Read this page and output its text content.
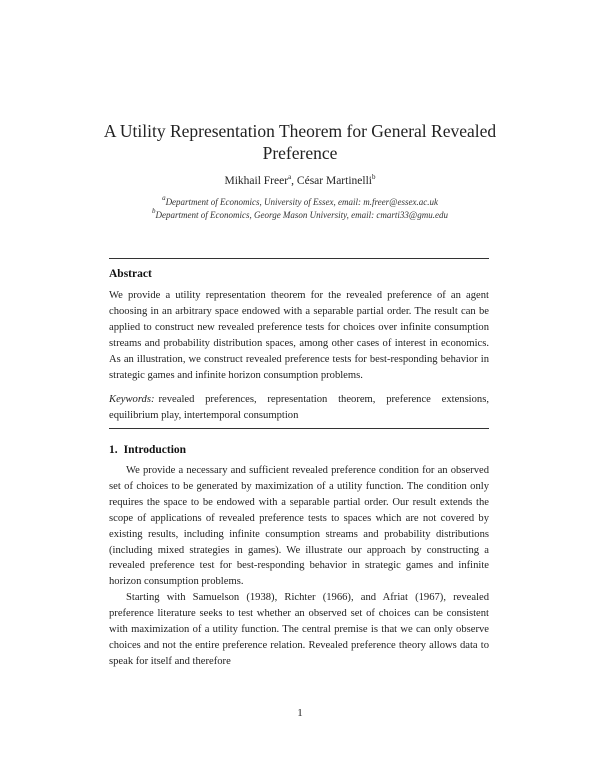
A Utility Representation Theorem for General Revealed Preference
Mikhail Freer$^a$, César Martinelli$^b$
$^a$Department of Economics, University of Essex, email: m.freer@essex.ac.uk
$^b$Department of Economics, George Mason University, email: cmarti33@gmu.edu
Abstract
We provide a utility representation theorem for the revealed preference of an agent choosing in an arbitrary space endowed with a separable partial order. The result can be applied to construct new revealed preference tests for choices over infinite consumption streams and probability distribution spaces, among other cases of interest in economics. As an illustration, we construct revealed preference tests for best-responding behavior in strategic games and infinite horizon consumption problems.
Keywords: revealed preferences, representation theorem, preference extensions, equilibrium play, intertemporal consumption
1. Introduction
We provide a necessary and sufficient revealed preference condition for an observed set of choices to be generated by maximization of a utility function. The condition only requires the space to be endowed with a separable partial order. Our result extends the scope of applications of revealed preference tests to spaces which are not covered by existing results, including infinite consumption streams and probability distributions (including mixed strategies in games). We illustrate our approach by constructing a revealed preference test for best-responding behavior in strategic games and infinite horizon consumption problems.
Starting with Samuelson (1938), Richter (1966), and Afriat (1967), revealed preference literature seeks to test whether an observed set of choices can be consistent with maximization of a utility function. The central premise is that we can only observe choices and not the entire preference relation. Revealed preference theory allows data to speak for itself and therefore
1
